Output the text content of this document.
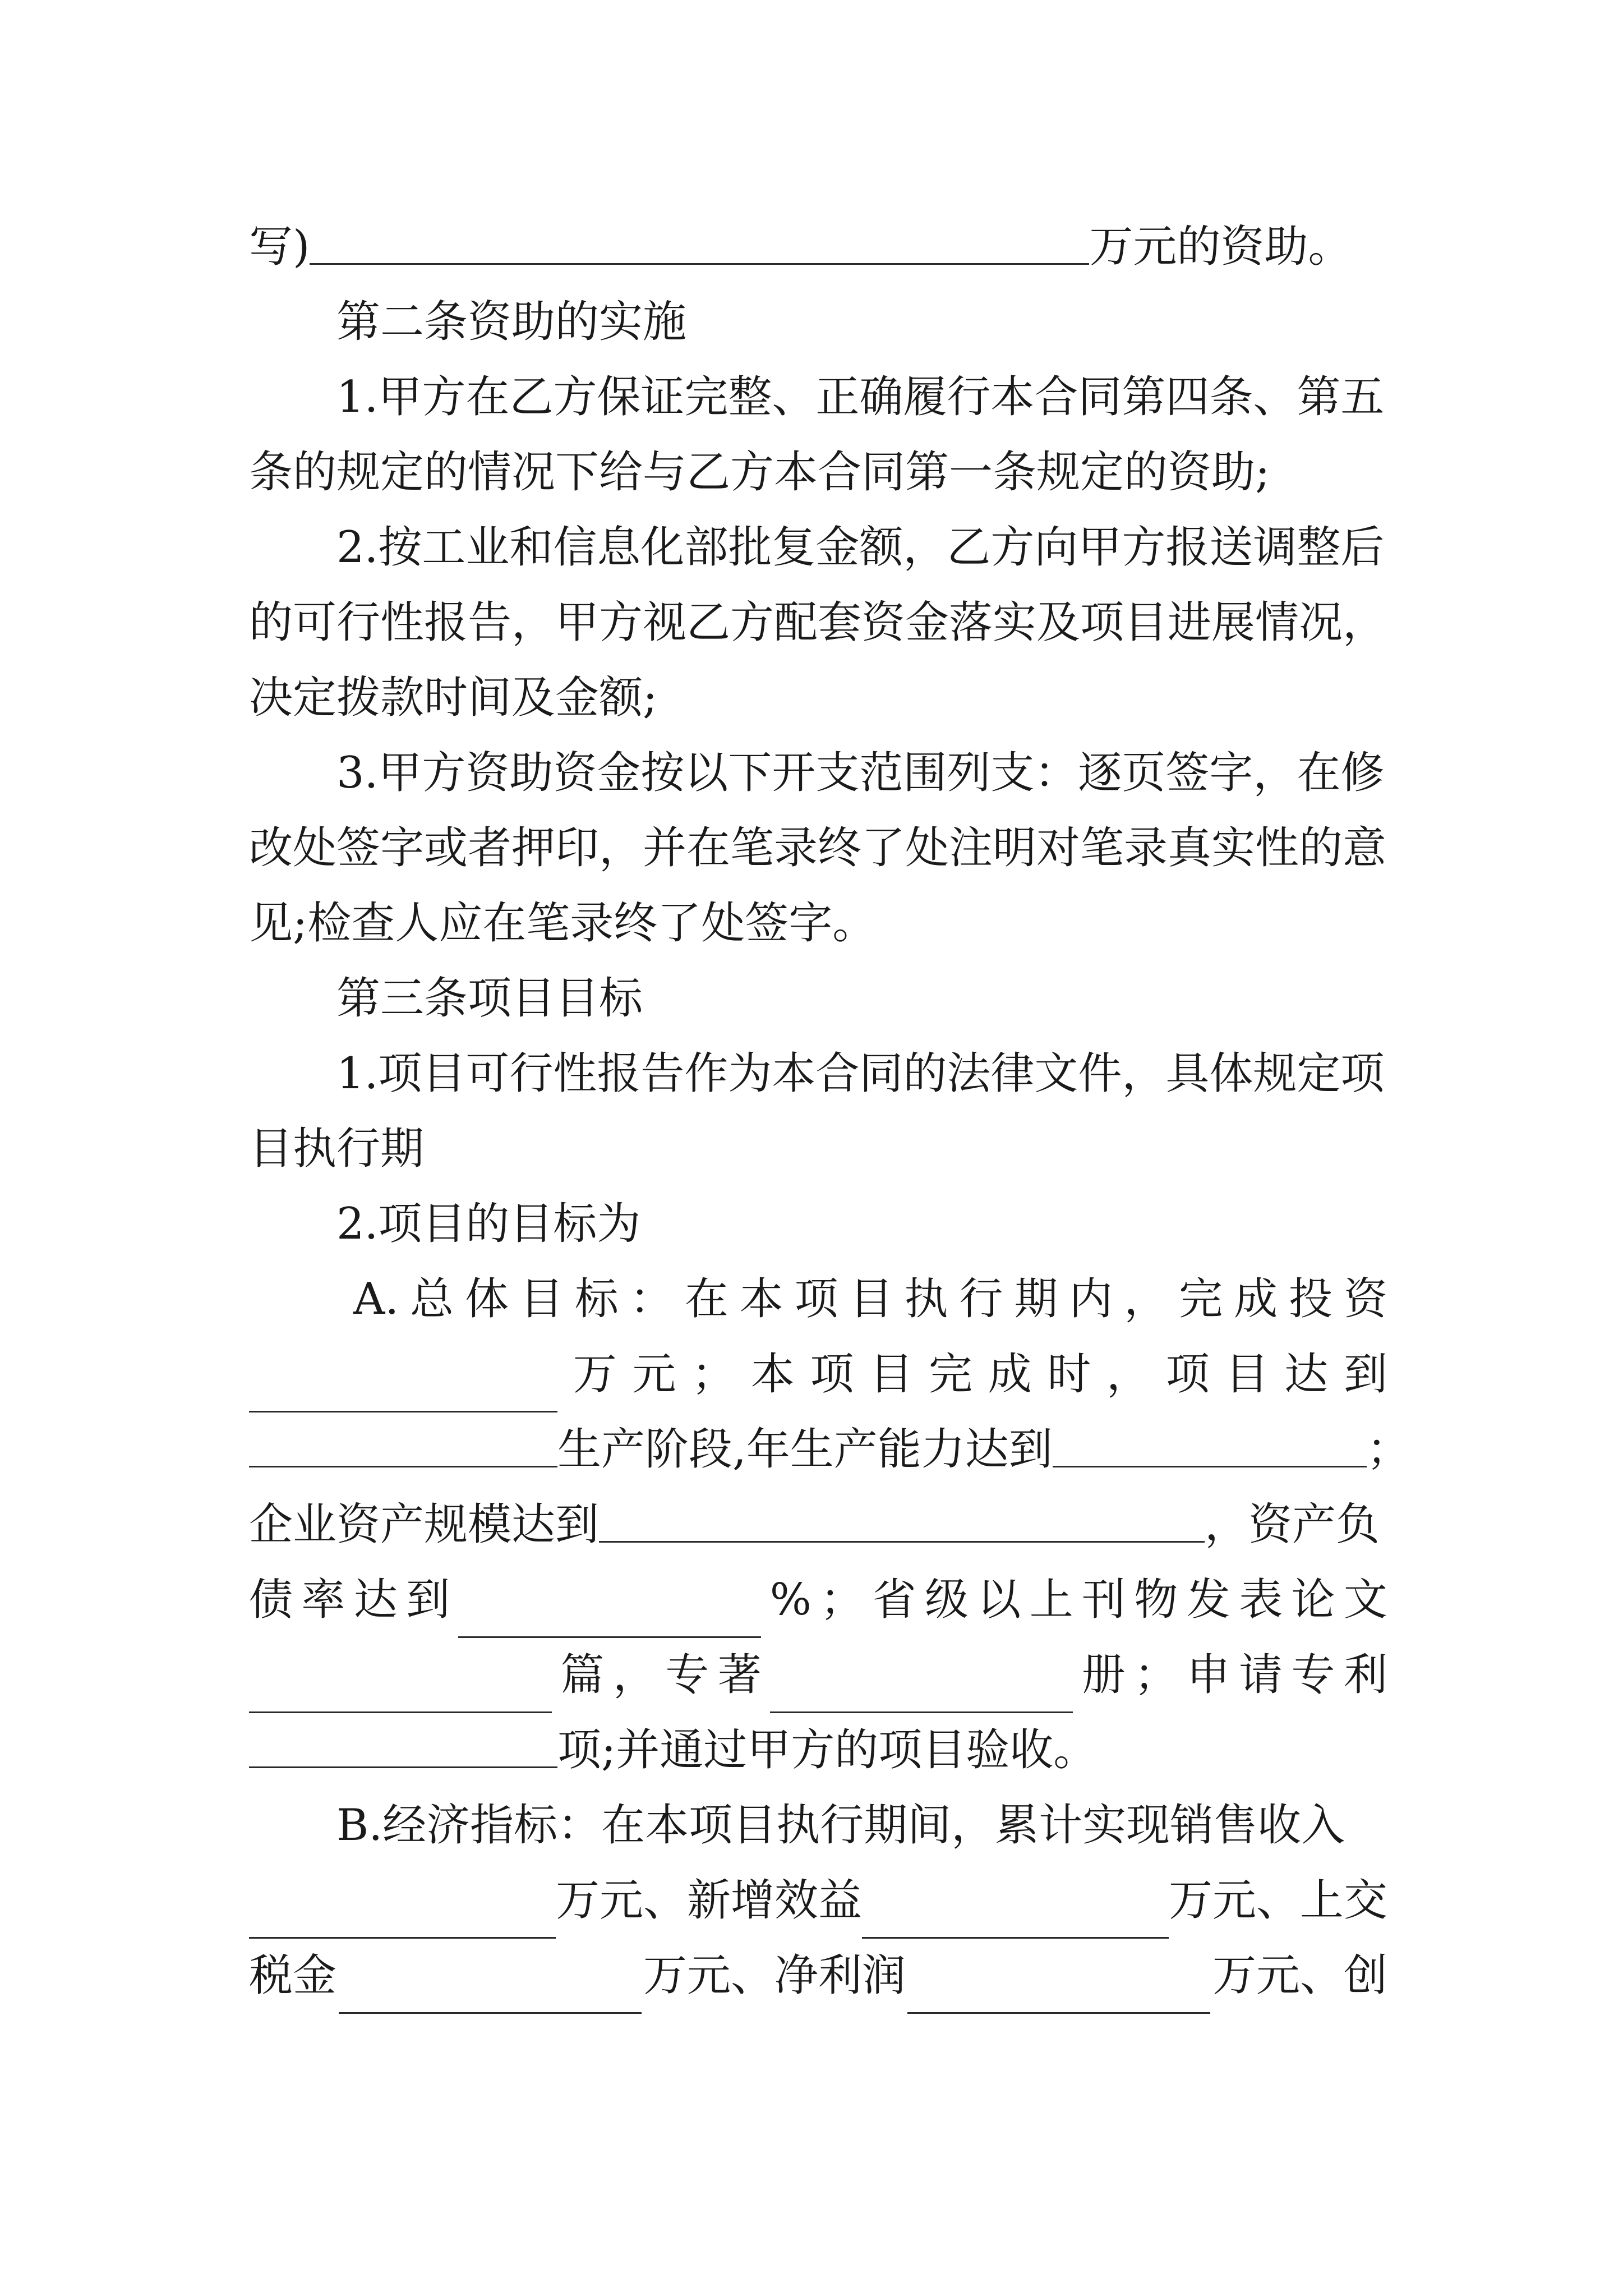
写)	万元的资助。
第二条资助的实施
1.甲方在乙方保证完整、正确履行本合同第四条、第五
条的规定的情况下给与乙方本合同第一条规定的资助;
2.按工业和信息化部批复金额，乙方向甲方报送调整后
的可行性报告，甲方视乙方配套资金落实及项目进展情况，
决定拨款时间及金额;
3.甲方资助资金按以下开支范围列支：逐页签字，在修
改处签字或者押印，并在笔录终了处注明对笔录真实性的意
见;检查人应在笔录终了处签字。
第三条项目目标
1.项目可行性报告作为本合同的法律文件，具体规定项
目执行期
2.项目的目标为
A. 总 体 目 标 ： 在 本 项 目 执 行 期 内 ， 完 成 投 资
万 元 ； 本 项 目 完 成 时 ， 项 目 达 到
生产阶段,年生产能力达到	；
企业资产规模达到	，资产负
债 率 达 到	% ； 省 级 以 上 刊 物 发 表 论 文
篇 ， 专 著	册 ； 申 请 专 利
项;并通过甲方的项目验收。
B.经济指标：在本项目执行期间，累计实现销售收入
万元、新增效益	万元、上交
税金	万元、净利润	万元、创
